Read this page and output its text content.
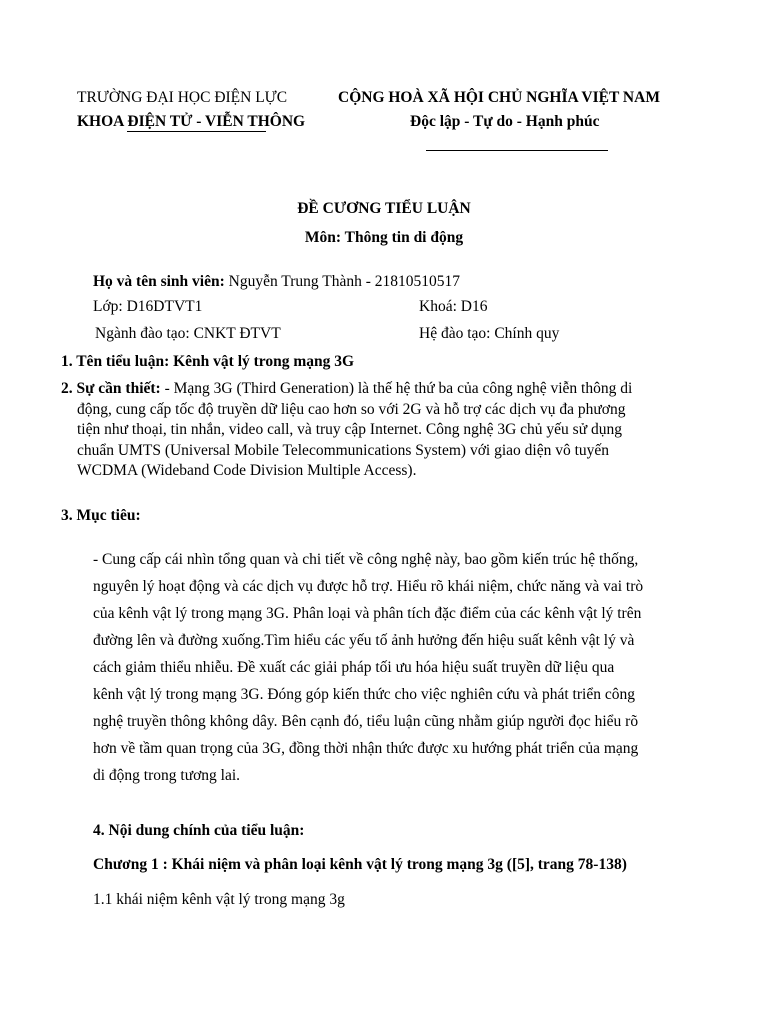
TRƯỜNG ĐẠI HỌC ĐIỆN LỰC
KHOA ĐIỆN TỬ - VIỄN THÔNG
CỘNG HOÀ XÃ HỘI CHỦ NGHĨA VIỆT NAM
Độc lập - Tự do - Hạnh phúc
ĐỀ CƯƠNG TIỂU LUẬN
Môn: Thông tin di động
Họ và tên sinh viên: Nguyễn Trung Thành - 21810510517
Lớp: D16DTVT1	Khoá: D16
Ngành đào tạo: CNKT ĐTVT	Hệ đào tạo: Chính quy
1. Tên tiểu luận: Kênh vật lý trong mạng 3G
2. Sự cần thiết: - Mạng 3G (Third Generation) là thế hệ thứ ba của công nghệ viễn thông di
động, cung cấp tốc độ truyền dữ liệu cao hơn so với 2G và hỗ trợ các dịch vụ đa phương
tiện như thoại, tin nhắn, video call, và truy cập Internet. Công nghệ 3G chủ yếu sử dụng
chuẩn UMTS (Universal Mobile Telecommunications System) với giao diện vô tuyến
WCDMA (Wideband Code Division Multiple Access).
3. Mục tiêu:
- Cung cấp cái nhìn tổng quan và chi tiết về công nghệ này, bao gồm kiến trúc hệ thống,
nguyên lý hoạt động và các dịch vụ được hỗ trợ. Hiểu rõ khái niệm, chức năng và vai trò
của kênh vật lý trong mạng 3G. Phân loại và phân tích đặc điểm của các kênh vật lý trên
đường lên và đường xuống.Tìm hiểu các yếu tố ảnh hưởng đến hiệu suất kênh vật lý và
cách giảm thiểu nhiễu. Đề xuất các giải pháp tối ưu hóa hiệu suất truyền dữ liệu qua
kênh vật lý trong mạng 3G. Đóng góp kiến thức cho việc nghiên cứu và phát triển công
nghệ truyền thông không dây. Bên cạnh đó, tiểu luận cũng nhằm giúp người đọc hiểu rõ
hơn về tầm quan trọng của 3G, đồng thời nhận thức được xu hướng phát triển của mạng
di động trong tương lai.
4. Nội dung chính của tiểu luận:
Chương 1 : Khái niệm và phân loại kênh vật lý trong mạng 3g ([5], trang 78-138)
1.1 khái niệm kênh vật lý trong mạng 3g
